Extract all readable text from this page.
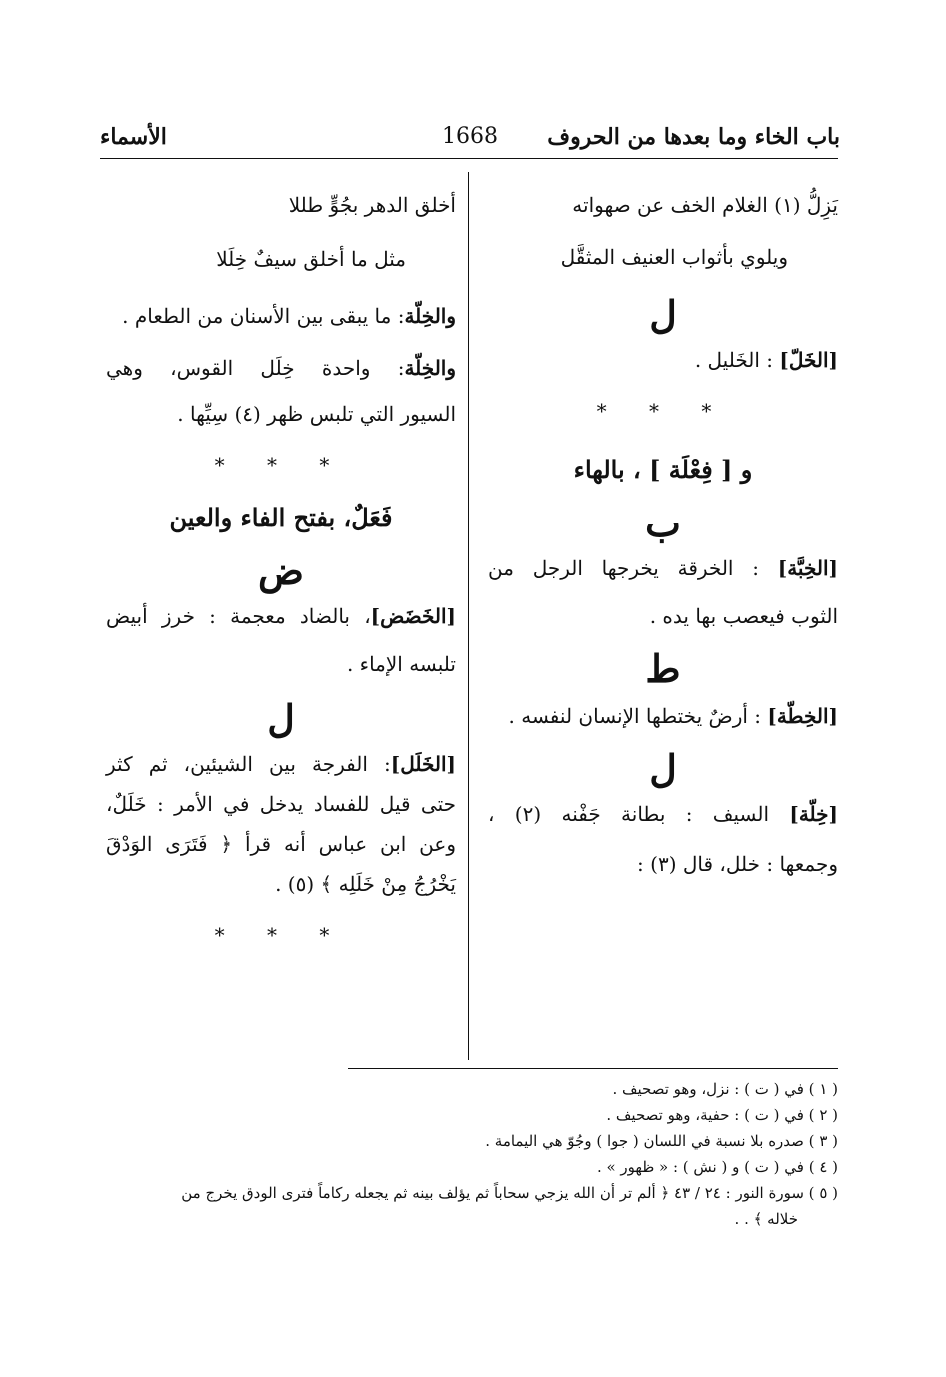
باب الخاء وما بعدها من الحروف
1668
الأسماء

يَزِلُّ (١) الغلام الخف عن صهواته

ويلوي بأثواب العنيف المثقَّل

ل

[الخَلّ] : الخَليل .

* * *
و [ فِعْلَة ] ، بالهاء
ب

[الخِبَّة] : الخرقة يخرجها الرجل من

الثوب فيعصب بها يده .

ط

[الخِطّة] : أرضٌ يختطها الإنسان لنفسه .

ل

[خِلّة] السيف : بطانة جَفْنه (٢) ،

وجمعها : خلل، قال (٣) :

أخلق الدهر بجُوٍّ طللا

مثل ما أخلق سيفٌ خِلَلا

والخِلّة: ما يبقى بين الأسنان من الطعام .

والخِلّة: واحدة خِلَل القوس، وهي

السيور التي تلبس ظهر (٤) سِيِّها .

* * *
فَعَلٌ، بفتح الفاء والعين
ض

[الخَضَض]، بالضاد معجمة : خرز أبيض

تلبسه الإماء .

ل

[الخَلَل]: الفرجة بين الشيئين، ثم كثر

حتى قيل للفساد يدخل في الأمر : خَلَلٌ،

وعن ابن عباس أنه قرأ ﴿ فَتَرَى الوَدْقَ

يَخْرُجُ مِنْ خَلَلِه ﴾ (٥) .

* * *

( ١ ) في ( ت ) : نزل، وهو تصحيف .

( ٢ ) في ( ت ) : حفية، وهو تصحيف .

( ٣ ) صدره بلا نسبة في اللسان ( جوا ) وجُوّ هي اليمامة .

( ٤ ) في ( ت ) و ( نش ) : « ظهور » .

( ٥ ) سورة النور : ٢٤ / ٤٣ ﴿ ألم تر أن الله يزجي سحاباً ثم يؤلف بينه ثم يجعله ركاماً فترى الودق يخرج من

خلاله ﴾ . .
